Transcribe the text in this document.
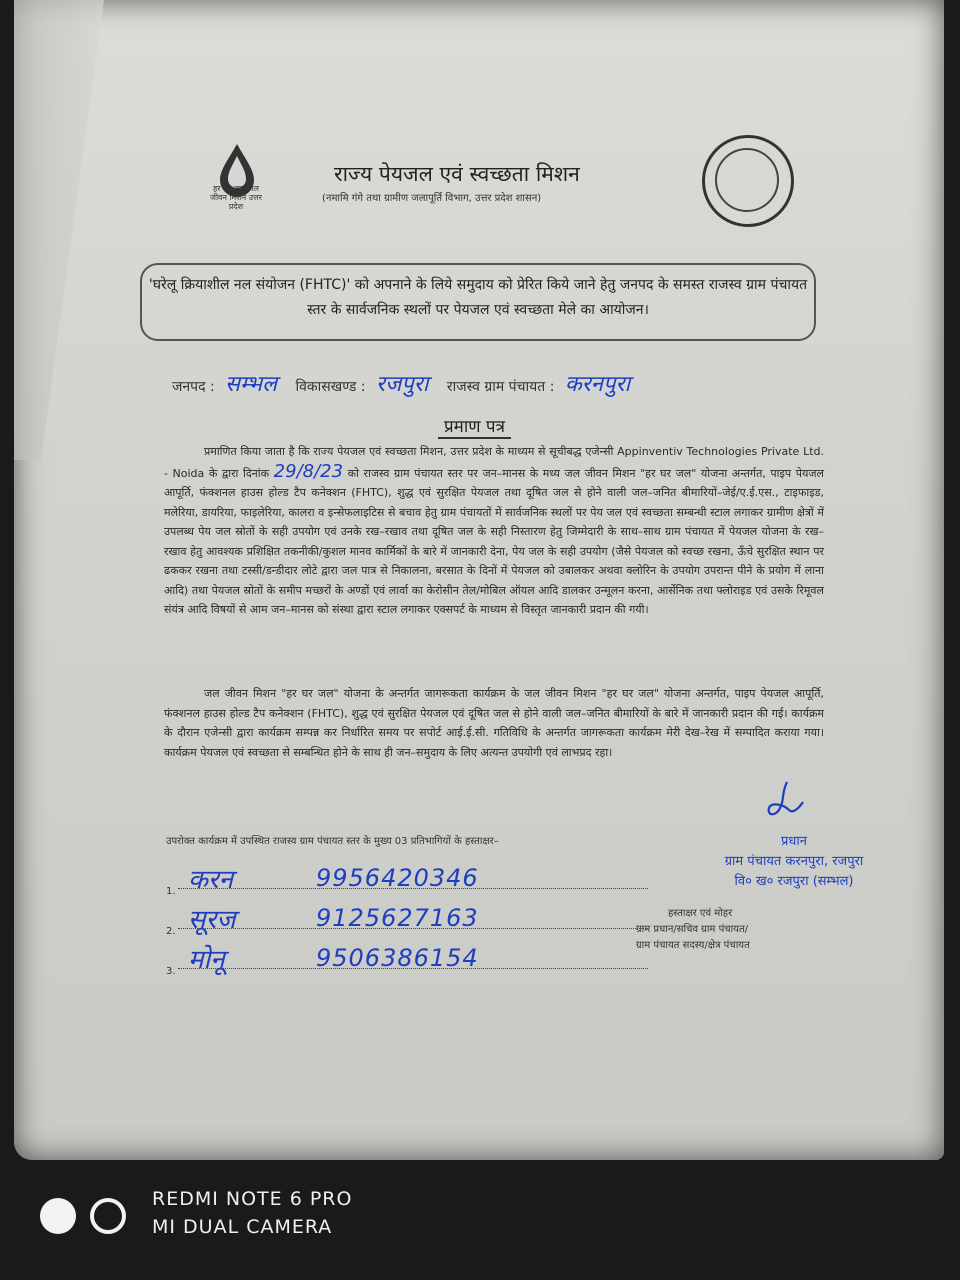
हर घर जल जल जीवन मिशन उत्तर प्रदेश
राज्य पेयजल एवं स्वच्छता मिशन
(नमामि गंगे तथा ग्रामीण जलापूर्ति विभाग, उत्तर प्रदेश शासन)
'घरेलू क्रियाशील नल संयोजन (FHTC)' को अपनाने के लिये समुदाय को प्रेरित किये जाने हेतु जनपद के समस्त राजस्व ग्राम पंचायत स्तर के सार्वजनिक स्थलों पर पेयजल एवं स्वच्छता मेले का आयोजन।
जनपद : सम्भल विकासखण्ड : रजपुरा राजस्व ग्राम पंचायत : करनपुरा
प्रमाण पत्र
प्रमाणित किया जाता है कि राज्य पेयजल एवं स्वच्छता मिशन, उत्तर प्रदेश के माध्यम से सूचीबद्ध एजेन्सी Appinventiv Technologies Private Ltd. - Noida के द्वारा दिनांक 29/8/23 को राजस्व ग्राम पंचायत स्तर पर जन–मानस के मध्य जल जीवन मिशन "हर घर जल" योजना अन्तर्गत, पाइप पेयजल आपूर्ति, फंक्शनल हाउस होल्ड टैप कनेक्शन (FHTC), शुद्ध एवं सुरक्षित पेयजल तथा दूषित जल से होने वाली जल–जनित बीमारियों–जेई/ए.ई.एस., टाइफाइड, मलेरिया, डायरिया, फाइलेरिया, कालरा व इन्सेफलाइटिस से बचाव हेतु ग्राम पंचायतों में सार्वजनिक स्थलों पर पेय जल एवं स्वच्छता सम्बन्धी स्टाल लगाकर ग्रामीण क्षेत्रों में उपलब्ध पेय जल स्रोतों के सही उपयोग एवं उनके रख–रखाव तथा दूषित जल के सही निस्तारण हेतु जिम्मेदारी के साथ–साथ ग्राम पंचायत में पेयजल योजना के रख–रखाव हेतु आवश्यक प्रशिक्षित तकनीकी/कुशल मानव कार्मिकों के बारे में जानकारी देना, पेय जल के सही उपयोग (जैसे पेयजल को स्वच्छ रखना, ऊँचे सुरक्षित स्थान पर ढककर रखना तथा टस्सी/डन्डीदार लोटे द्वारा जल पात्र से निकालना, बरसात के दिनों में पेयजल को उबालकर अथवा क्लोरिन के उपयोग उपरान्त पीने के प्रयोग में लाना आदि) तथा पेयजल स्रोतों के समीप मच्छरों के अण्डों एवं लार्वा का केरोसीन तेल/मोबिल ऑयल आदि डालकर उन्मूलन करना, आर्सेनिक तथा फ्लोराइड एवं उसके रिमूवल संयंत्र आदि विषयों से आम जन–मानस को संस्था द्वारा स्टाल लगाकर एक्सपर्ट के माध्यम से विस्तृत जानकारी प्रदान की गयी।
जल जीवन मिशन "हर घर जल" योजना के अन्तर्गत जागरूकता कार्यक्रम के जल जीवन मिशन "हर घर जल" योजना अन्तर्गत, पाइप पेयजल आपूर्ति, फंक्शनल हाउस होल्ड टैप कनेक्शन (FHTC), शुद्ध एवं सुरक्षित पेयजल एवं दूषित जल से होने वाली जल–जनित बीमारियों के बारे में जानकारी प्रदान की गई। कार्यक्रम के दौरान एजेन्सी द्वारा कार्यक्रम सम्पन्न कर निर्धारित समय पर सपोर्ट आई.ई.सी. गतिविधि के अन्तर्गत जागरूकता कार्यक्रम मेरी देख–रेख में सम्पादित कराया गया। कार्यक्रम पेयजल एवं स्वच्छता से सम्बन्धित होने के साथ ही जन–समुदाय के लिए अत्यन्त उपयोगी एवं लाभप्रद रहा।
प्रधान
ग्राम पंचायत करनपुरा, रजपुरा
वि० ख० रजपुरा (सम्भल)
हस्ताक्षर एवं मोहर
ग्राम प्रधान/सचिव ग्राम पंचायत/
ग्राम पंचायत सदस्य/क्षेत्र पंचायत
उपरोक्त कार्यक्रम में उपस्थित राजस्व ग्राम पंचायत स्तर के मुख्य 03 प्रतिभागियों के हस्ताक्षर–
1. करन	9956420346
2. सूरज	9125627163
3. मोनू	9506386154
REDMI NOTE 6 PRO
MI DUAL CAMERA
